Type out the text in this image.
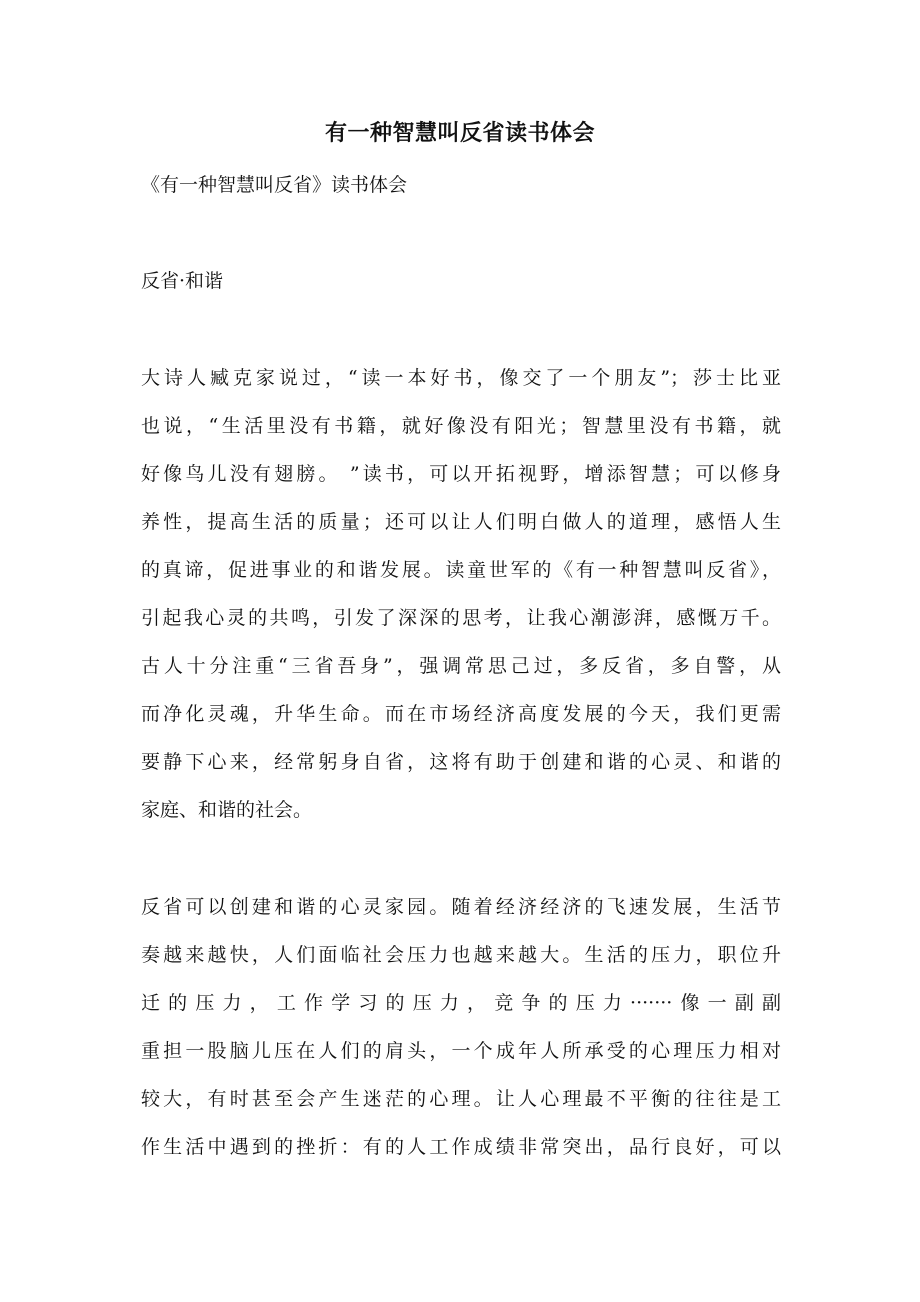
有一种智慧叫反省读书体会

《有一种智慧叫反省》读书体会

反省·和谐

大诗人臧克家说过，“读一本好书，像交了一个朋友”；莎士比亚
也说，“生活里没有书籍，就好像没有阳光；智慧里没有书籍，就
好像鸟儿没有翅膀。 ”读书，可以开拓视野，增添智慧；可以修身
养性，提高生活的质量；还可以让人们明白做人的道理，感悟人生
的真谛，促进事业的和谐发展。读童世军的《有一种智慧叫反省》，
引起我心灵的共鸣，引发了深深的思考，让我心潮澎湃，感慨万千。
古人十分注重“三省吾身”，强调常思己过，多反省，多自警，从
而净化灵魂，升华生命。而在市场经济高度发展的今天，我们更需
要静下心来，经常躬身自省，这将有助于创建和谐的心灵、和谐的
家庭、和谐的社会。
反省可以创建和谐的心灵家园。随着经济经济的飞速发展，生活节
奏越来越快，人们面临社会压力也越来越大。生活的压力，职位升
迁的压力，工作学习的压力，竞争的压力·······像一副副
重担一股脑儿压在人们的肩头，一个成年人所承受的心理压力相对
较大，有时甚至会产生迷茫的心理。让人心理最不平衡的往往是工
作生活中遇到的挫折：有的人工作成绩非常突出，品行良好，可以
